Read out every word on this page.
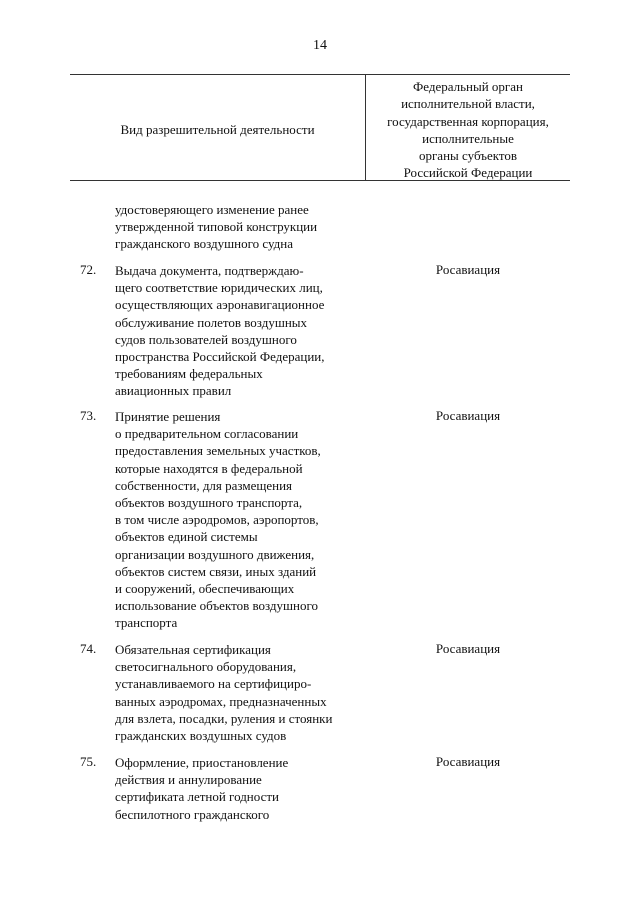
14
Вид разрешительной деятельности
Федеральный орган
исполнительной власти,
государственная корпорация,
исполнительные
органы субъектов
Российской Федерации
удостоверяющего изменение ранее
утвержденной типовой конструкции
гражданского воздушного судна
72. Выдача документа, подтверждаю-
щего соответствие юридических лиц,
осуществляющих аэронавигационное
обслуживание полетов воздушных
судов пользователей воздушного
пространства Российской Федерации,
требованиям федеральных
авиационных правил
Росавиация
73. Принятие решения
о предварительном согласовании
предоставления земельных участков,
которые находятся в федеральной
собственности, для размещения
объектов воздушного транспорта,
в том числе аэродромов, аэропортов,
объектов единой системы
организации воздушного движения,
объектов систем связи, иных зданий
и сооружений, обеспечивающих
использование объектов воздушного
транспорта
Росавиация
74. Обязательная сертификация
светосигнального оборудования,
устанавливаемого на сертифициро-
ванных аэродромах, предназначенных
для взлета, посадки, руления и стоянки
гражданских воздушных судов
Росавиация
75. Оформление, приостановление
действия и аннулирование
сертификата летной годности
беспилотного гражданского
Росавиация
